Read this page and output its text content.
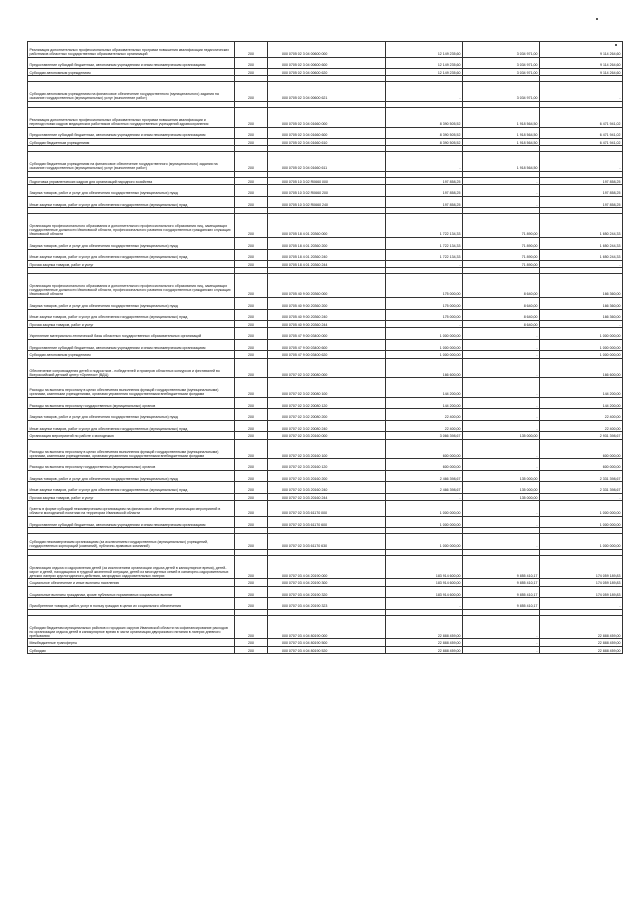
Реализация дополнительных профессиональных образовательных программ повышения квалификации педагогических работников областных государственных образовательных организаций	200	000 0705 02 3 04 00600 000	12 149 235,60	3 034 971,00	9 114 264,60
Предоставление субсидий бюджетным, автономным учреждениям и иным некоммерческим организациям	200	000 0705 02 3 04 00600 600	12 149 235,60	3 034 971,00	9 114 264,60
Субсидии автономным учреждениям	200	000 0705 02 3 04 00600 620	12 149 235,60	3 034 971,00	9 114 264,60

Субсидии автономным учреждениям на финансовое обеспечение государственного (муниципального) задания на оказание государственных (муниципальных) услуг (выполнение работ)	200	000 0705 02 3 04 00600 621	-	3 034 971,00	-

Реализация дополнительных профессиональных образовательных программ повышения квалификации и переподготовки кадров медицинских работников областных государственных учреждений здравоохранения	200	000 0705 02 3 04 01660 000	8 390 505,52	1 918 564,50	6 471 941,02
Предоставление субсидий бюджетным, автономным учреждениям и иным некоммерческим организациям	200	000 0705 02 3 04 01660 600	8 390 505,52	1 918 564,50	6 471 941,02
Субсидии бюджетным учреждениям	200	000 0705 02 3 04 01660 610	8 390 505,52	1 918 564,50	6 471 941,02

Субсидии бюджетным учреждениям на финансовое обеспечение государственного (муниципального) задания на оказание государственных (муниципальных) услуг (выполнение работ)	200	000 0705 02 3 04 01660 611	-	1 918 564,50	-

Подготовка управленческих кадров для организаций народного хозяйства	200	000 0705 10 3 02 R0660 000	197 858,25	-	197 858,25
Закупка товаров, работ и услуг для обеспечения государственных (муниципальных) нужд	200	000 0705 10 3 02 R0660 200	197 858,25	-	197 858,25
Иные закупки товаров, работ и услуг для обеспечения государственных (муниципальных) нужд	200	000 0705 10 3 02 R0660 240	197 858,25	-	197 858,25

Организация профессионального образования и дополнительного профессионального образования лиц, замещающих государственные должности Ивановской области, профессионального развития государственных гражданских служащих Ивановской области	200	000 0705 18 4 01 20360 000	1 722 134,33	71 890,00	1 650 244,33
Закупка товаров, работ и услуг для обеспечения государственных (муниципальных) нужд	200	000 0705 18 4 01 20360 200	1 722 134,33	71 890,00	1 650 244,33
Иные закупки товаров, работ и услуг для обеспечения государственных (муниципальных) нужд	200	000 0705 18 4 01 20360 240	1 722 134,33	71 890,00	1 650 244,33
Прочая закупка товаров, работ и услуг	200	000 0705 18 4 01 20360 244	-	71 890,00	-

Организация профессионального образования и дополнительного профессионального образования лиц, замещающих государственные должности Ивановской области, профессионального развития государственных гражданских служащих Ивановской области	200	000 0705 40 9 00 20360 000	175 000,00	8 640,00	166 360,00
Закупка товаров, работ и услуг для обеспечения государственных (муниципальных) нужд	200	000 0705 40 9 00 20360 200	175 000,00	8 640,00	166 360,00
Иные закупки товаров, работ и услуг для обеспечения государственных (муниципальных) нужд	200	000 0705 40 9 00 20360 240	175 000,00	8 640,00	166 360,00
Прочая закупка товаров, работ и услуг	200	000 0705 40 9 00 20360 244	-	8 640,00	-
Укрепление материально-технической базы областных государственных образовательных организаций	200	000 0705 47 9 00 03400 000	1 000 000,00	-	1 000 000,00
Предоставление субсидий бюджетным, автономным учреждениям и иным некоммерческим организациям	200	000 0705 47 9 00 03400 600	1 000 000,00	-	1 000 000,00
Субсидии автономным учреждениям	200	000 0705 47 9 00 03400 620	1 000 000,00	-	1 000 000,00
Обеспечение сопровождения детей и подростков - победителей и призеров областных конкурсов и фестивалей во Всероссийский детский центр «Орленок» (ВДЦ)	200	000 0707 02 3 02 20080 000	166 600,00	-	166 600,00
Расходы на выплаты персоналу в целях обеспечения выполнения функций государственными (муниципальными) органами, казенными учреждениями, органами управления государственными внебюджетными фондами	200	000 0707 02 3 02 20080 100	144 200,00	-	144 200,00
Расходы на выплаты персоналу государственных (муниципальных) органов	200	000 0707 02 3 02 20080 120	144 200,00	-	144 200,00
Закупка товаров, работ и услуг для обеспечения государственных (муниципальных) нужд	200	000 0707 02 3 02 20080 200	22 400,00	-	22 400,00
Иные закупки товаров, работ и услуг для обеспечения государственных (муниципальных) нужд	200	000 0707 02 3 02 20080 240	22 400,00	-	22 400,00
Организация мероприятий по работе с молодежью	200	000 0707 02 3 03 20160 000	3 066 398,67	135 000,00	2 931 398,67
Расходы на выплаты персоналу в целях обеспечения выполнения функций государственными (муниципальными) органами, казенными учреждениями, органами управления государственными внебюджетными фондами	200	000 0707 02 3 03 20160 100	600 000,00	-	600 000,00
Расходы на выплаты персоналу государственных (муниципальных) органов	200	000 0707 02 3 03 20160 120	600 000,00	-	600 000,00
Закупка товаров, работ и услуг для обеспечения государственных (муниципальных) нужд	200	000 0707 02 3 03 20160 200	2 466 398,67	135 000,00	2 331 398,67
Иные закупки товаров, работ и услуг для обеспечения государственных (муниципальных) нужд	200	000 0707 02 3 03 20160 240	2 466 398,67	135 000,00	2 331 398,67
Прочая закупка товаров, работ и услуг	200	000 0707 02 3 03 20160 244	-	135 000,00	-
Гранты в форме субсидий некоммерческим организациям на финансовое обеспечение реализации мероприятий в области молодежной политики на территории Ивановской области	200	000 0707 02 3 03 61170 000	1 000 000,00	-	1 000 000,00
Предоставление субсидий бюджетным, автономным учреждениям и иным некоммерческим организациям	200	000 0707 02 3 03 61170 600	1 000 000,00	-	1 000 000,00

Субсидии некоммерческим организациям (за исключением государственных (муниципальных) учреждений, государственных корпораций (компаний), публично-правовых компаний)	200	000 0707 02 3 03 61170 630	1 000 000,00	-	1 000 000,00

Организация отдыха и оздоровления детей (за исключением организации отдыха детей в каникулярное время), детей-сирот и детей, находящихся в трудной жизненной ситуации, детей из многодетных семей в санаторно-оздоровительных детских лагерях круглогодичного действия, загородных оздоровительных лагерях	200	000 0707 03 4 04 20190 000	183 914 600,00	9 855 410,17	174 059 189,83
Социальное обеспечение и иные выплаты населению	200	000 0707 03 4 04 20190 300	183 914 600,00	9 855 410,17	174 059 189,83
Социальные выплаты гражданам, кроме публичных нормативных социальных выплат	200	000 0707 03 4 04 20190 320	183 914 600,00	9 855 410,17	174 059 189,83
Приобретение товаров, работ, услуг в пользу граждан в целях их социального обеспечения	200	000 0707 03 4 04 20190 323	-	9 855 410,17	-

Субсидии бюджетам муниципальных районов и городских округов Ивановской области на софинансирование расходов по организации отдыха детей в каникулярное время в части организации двухразового питания в лагерях дневного пребывания	200	000 0707 03 4 04 80190 000	22 888 459,00	-	22 888 459,00
Межбюджетные трансферты	200	000 0707 03 4 04 80190 500	22 888 459,00	-	22 888 459,00
Субсидии	200	000 0707 03 4 04 80190 520	22 888 459,00	-	22 888 459,00
